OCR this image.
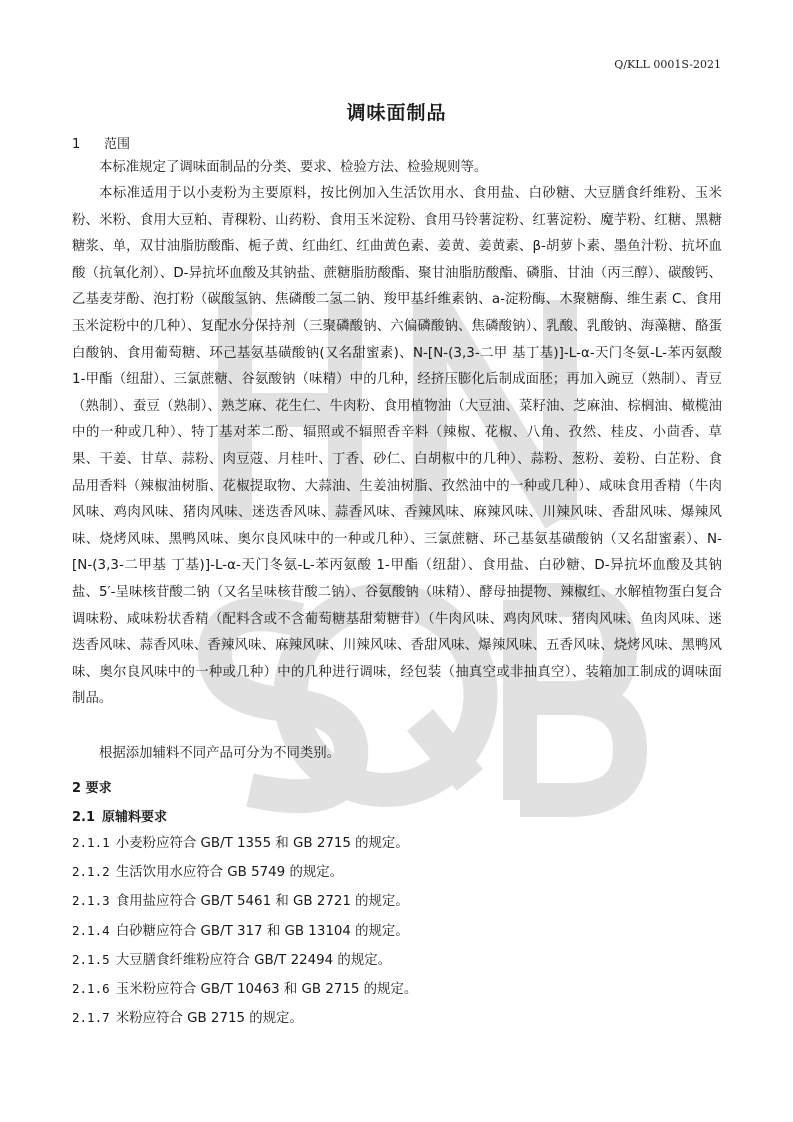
Q/KLL 0001S-2021
调味面制品
1 范围

本标准规定了调味面制品的分类、要求、检验方法、检验规则等。

本标准适用于以小麦粉为主要原料，按比例加入生活饮用水、食用盐、白砂糖、大豆膳食纤维粉、玉米粉、米粉、食用大豆粕、青稞粉、山药粉、食用玉米淀粉、食用马铃薯淀粉、红薯淀粉、魔芋粉、红糖、黑糖糖浆、单，双甘油脂肪酸酯、栀子黄、红曲红、红曲黄色素、姜黄、姜黄素、β-胡萝卜素、墨鱼汁粉、抗坏血酸（抗氧化剂）、D-异抗坏血酸及其钠盐、蔗糖脂肪酸酯、聚甘油脂肪酸酯、磷脂、甘油（丙三醇）、碳酸钙、乙基麦芽酚、泡打粉（碳酸氢钠、焦磷酸二氢二钠、羧甲基纤维素钠、a-淀粉酶、木聚糖酶、维生素 C、食用玉米淀粉中的几种）、复配水分保持剂（三聚磷酸钠、六偏磷酸钠、焦磷酸钠）、乳酸、乳酸钠、海藻糖、酪蛋白酸钠、食用葡萄糖、环己基氨基磺酸钠(又名甜蜜素)、N-[N-(3,3-二甲 基丁基)]-L-α-天门冬氨-L-苯丙氨酸 1-甲酯（纽甜）、三氯蔗糖、谷氨酸钠（味精）中的几种，经挤压膨化后制成面胚；再加入豌豆（熟制）、青豆（熟制）、蚕豆（熟制）、熟芝麻、花生仁、牛肉粉、食用植物油（大豆油、菜籽油、芝麻油、棕榈油、橄榄油中的一种或几种）、特丁基对苯二酚、辐照或不辐照香辛料（辣椒、花椒、八角、孜然、桂皮、小茴香、草果、干姜、甘草、蒜粉、肉豆蔻、月桂叶、丁香、砂仁、白胡椒中的几种）、蒜粉、葱粉、姜粉、白芷粉、食品用香料（辣椒油树脂、花椒提取物、大蒜油、生姜油树脂、孜然油中的一种或几种）、咸味食用香精（牛肉风味、鸡肉风味、猪肉风味、迷迭香风味、蒜香风味、香辣风味、麻辣风味、川辣风味、香甜风味、爆辣风味、烧烤风味、黑鸭风味、奥尔良风味中的一种或几种）、三氯蔗糖、环己基氨基磺酸钠（又名甜蜜素）、N-[N-(3,3-二甲基 丁基)]-L-α-天门冬氨-L-苯丙氨酸 1-甲酯（纽甜）、食用盐、白砂糖、D-异抗坏血酸及其钠盐、5′-呈味核苷酸二钠（又名呈味核苷酸二钠）、谷氨酸钠（味精）、酵母抽提物、辣椒红、水解植物蛋白复合调味粉、咸味粉状香精（配料含或不含葡萄糖基甜菊糖苷）（牛肉风味、鸡肉风味、猪肉风味、鱼肉风味、迷迭香风味、蒜香风味、香辣风味、麻辣风味、川辣风味、香甜风味、爆辣风味、五香风味、烧烤风味、黑鸭风味、奥尔良风味中的一种或几种）中的几种进行调味，经包装（抽真空或非抽真空）、装箱加工制成的调味面制品。

根据添加辅料不同产品可分为不同类别。

2 要求
2.1 原辅料要求
2.1.1 小麦粉应符合 GB/T 1355 和 GB 2715 的规定。
2.1.2 生活饮用水应符合 GB 5749 的规定。
2.1.3 食用盐应符合 GB/T 5461 和 GB 2721 的规定。
2.1.4 白砂糖应符合 GB/T 317 和 GB 13104 的规定。
2.1.5 大豆膳食纤维粉应符合 GB/T 22494 的规定。
2.1.6 玉米粉应符合 GB/T 10463 和 GB 2715 的规定。
2.1.7 米粉应符合 GB 2715 的规定。
